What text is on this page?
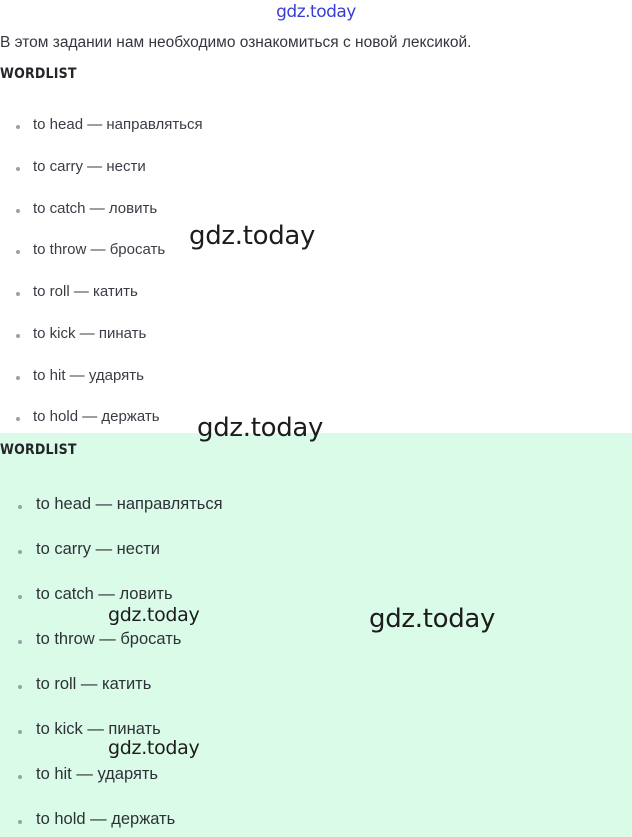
gdz.today
В этом задании нам необходимо ознакомиться с новой лексикой.
WORDLIST
to head — направляться
to carry — нести
to catch — ловить
to throw — бросать
to roll — катить
to kick — пинать
to hit — ударять
to hold — держать
to head — направляться
to carry — нести
to catch — ловить
to throw — бросать
to roll — катить
to kick — пинать
to hit — ударять
to hold — держать
WORDLIST
gdz.today
gdz.today
gdz.today
gdz.today
gdz.today
